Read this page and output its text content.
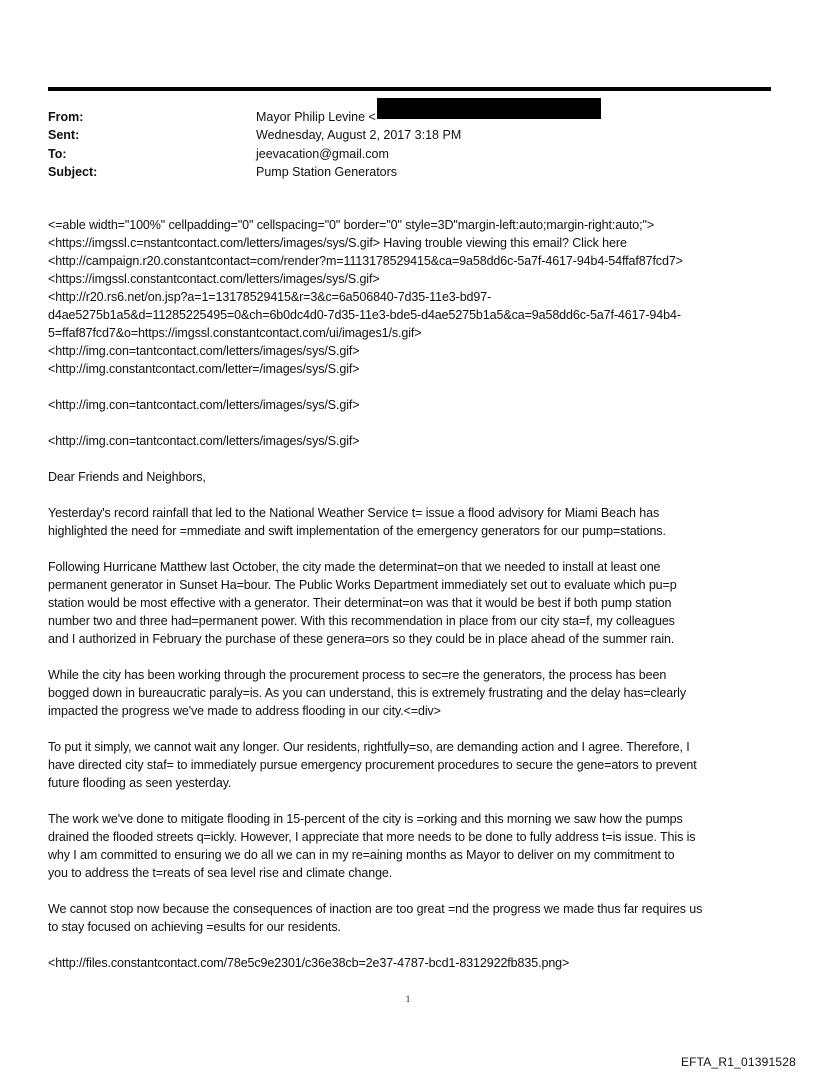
From:	Mayor Philip Levine <
Sent:	Wednesday, August 2, 2017 3:18 PM
To:	jeevacation@gmail.com
Subject:	Pump Station Generators
<=able width="100%" cellpadding="0" cellspacing="0" border="0" style=3D"margin-left:auto;margin-right:auto;">
<https://imgssl.c=nstantcontact.com/letters/images/sys/S.gif> Having trouble viewing this email? Click here
<http://campaign.r20.constantcontact=com/render?m=1113178529415&ca=9a58dd6c-5a7f-4617-94b4-54ffaf87fcd7>
<https://imgssl.constantcontact.com/letters/images/sys/S.gif>
<http://r20.rs6.net/on.jsp?a=1=13178529415&r=3&c=6a506840-7d35-11e3-bd97-
d4ae5275b1a5&d=11285225495=0&ch=6b0dc4d0-7d35-11e3-bde5-d4ae5275b1a5&ca=9a58dd6c-5a7f-4617-94b4-
5=ffaf87fcd7&o=https://imgssl.constantcontact.com/ui/images1/s.gif>
<http://img.con=tantcontact.com/letters/images/sys/S.gif>
<http://img.constantcontact.com/letter=/images/sys/S.gif>
<http://img.con=tantcontact.com/letters/images/sys/S.gif>
<http://img.con=tantcontact.com/letters/images/sys/S.gif>
Dear Friends and Neighbors,
Yesterday's record rainfall that led to the National Weather Service t= issue a flood advisory for Miami Beach has
highlighted the need for =mmediate and swift implementation of the emergency generators for our pump=stations.
Following Hurricane Matthew last October, the city made the determinat=on that we needed to install at least one
permanent generator in Sunset Ha=bour. The Public Works Department immediately set out to evaluate which pu=p
station would be most effective with a generator. Their determinat=on was that it would be best if both pump station
number two and three had=permanent power. With this recommendation in place from our city sta=f, my colleagues
and I authorized in February the purchase of these genera=ors so they could be in place ahead of the summer rain.
While the city has been working through the procurement process to sec=re the generators, the process has been
bogged down in bureaucratic paraly=is. As you can understand, this is extremely frustrating and the delay has=clearly
impacted the progress we've made to address flooding in our city.<=div>
To put it simply, we cannot wait any longer. Our residents, rightfully=so, are demanding action and I agree. Therefore, I
have directed city staf= to immediately pursue emergency procurement procedures to secure the gene=ators to prevent
future flooding as seen yesterday.
The work we've done to mitigate flooding in 15-percent of the city is =orking and this morning we saw how the pumps
drained the flooded streets q=ickly. However, I appreciate that more needs to be done to fully address t=is issue. This is
why I am committed to ensuring we do all we can in my re=aining months as Mayor to deliver on my commitment to
you to address the t=reats of sea level rise and climate change.
We cannot stop now because the consequences of inaction are too great =nd the progress we made thus far requires us
to stay focused on achieving =esults for our residents.
<http://files.constantcontact.com/78e5c9e2301/c36e38cb=2e37-4787-bcd1-8312922fb835.png>
1
EFTA_R1_01391528
